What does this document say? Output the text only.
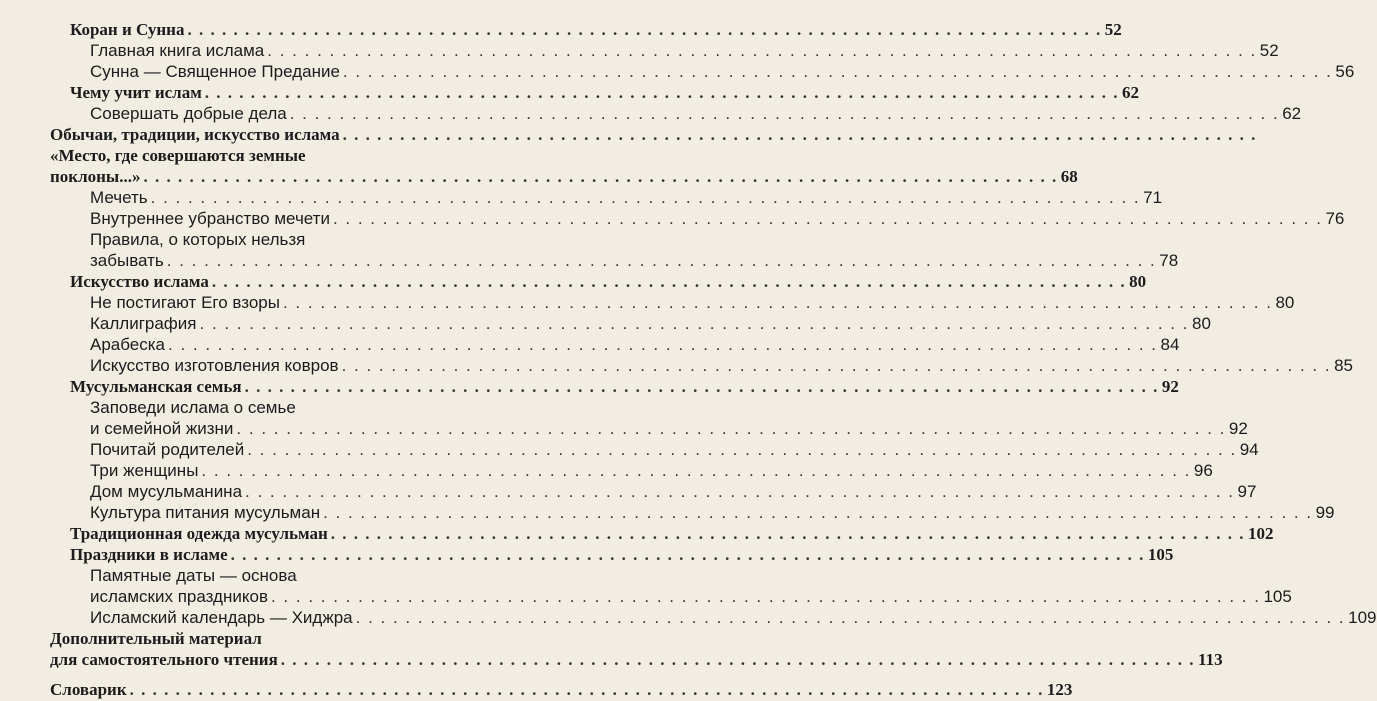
Коран и Сунна . . . . . . . . . . . . . . . . . . . . . . . . . . . . . . . . . . . . . . . . . . . . . . . . . . . . . . . . . . . . . . . . . . . . . . . . . . . . . . . . 52
Главная книга ислама . . . . . . . . . . . . . . . . . . . . . . . . . . . . . . . . . . . . . . . . . . . . . . . . . . . . . . . . . . . . . . . . . . . . . . . . . . . . . . . . 52
Сунна — Священное Предание . . . . . . . . . . . . . . . . . . . . . . . . . . . . . . . . . . . . . . . . . . . . . . . . . . . . . . . . . . . . . . . . . . . . . . . . . . . . . . . . 56
Чему учит ислам . . . . . . . . . . . . . . . . . . . . . . . . . . . . . . . . . . . . . . . . . . . . . . . . . . . . . . . . . . . . . . . . . . . . . . . . . . . . . . . . 62
Совершать добрые дела . . . . . . . . . . . . . . . . . . . . . . . . . . . . . . . . . . . . . . . . . . . . . . . . . . . . . . . . . . . . . . . . . . . . . . . . . . . . . . . . 62
Обычаи, традиции, искусство ислама . . . . . . . . . . . . . . . . . . . . . . . . . . . . . . . . . . . . . . . . . . . . . . . . . . . . . . . . . . . . . . . . . . . . . . . . . . . . . . . .
«Место, где совершаются земные
поклоны...» . . . . . . . . . . . . . . . . . . . . . . . . . . . . . . . . . . . . . . . . . . . . . . . . . . . . . . . . . . . . . . . . . . . . . . . . . . . . . . . . 68
Мечеть . . . . . . . . . . . . . . . . . . . . . . . . . . . . . . . . . . . . . . . . . . . . . . . . . . . . . . . . . . . . . . . . . . . . . . . . . . . . . . . . 71
Внутреннее убранство мечети . . . . . . . . . . . . . . . . . . . . . . . . . . . . . . . . . . . . . . . . . . . . . . . . . . . . . . . . . . . . . . . . . . . . . . . . . . . . . . . . 76
Правила, о которых нельзя
забывать . . . . . . . . . . . . . . . . . . . . . . . . . . . . . . . . . . . . . . . . . . . . . . . . . . . . . . . . . . . . . . . . . . . . . . . . . . . . . . . . 78
Искусство ислама . . . . . . . . . . . . . . . . . . . . . . . . . . . . . . . . . . . . . . . . . . . . . . . . . . . . . . . . . . . . . . . . . . . . . . . . . . . . . . . . 80
Не постигают Его взоры . . . . . . . . . . . . . . . . . . . . . . . . . . . . . . . . . . . . . . . . . . . . . . . . . . . . . . . . . . . . . . . . . . . . . . . . . . . . . . . . 80
Каллиграфия . . . . . . . . . . . . . . . . . . . . . . . . . . . . . . . . . . . . . . . . . . . . . . . . . . . . . . . . . . . . . . . . . . . . . . . . . . . . . . . . 80
Арабеска . . . . . . . . . . . . . . . . . . . . . . . . . . . . . . . . . . . . . . . . . . . . . . . . . . . . . . . . . . . . . . . . . . . . . . . . . . . . . . . . 84
Искусство изготовления ковров . . . . . . . . . . . . . . . . . . . . . . . . . . . . . . . . . . . . . . . . . . . . . . . . . . . . . . . . . . . . . . . . . . . . . . . . . . . . . . . . 85
Мусульманская семья . . . . . . . . . . . . . . . . . . . . . . . . . . . . . . . . . . . . . . . . . . . . . . . . . . . . . . . . . . . . . . . . . . . . . . . . . . . . . . . . 92
Заповеди ислама о семье
и семейной жизни . . . . . . . . . . . . . . . . . . . . . . . . . . . . . . . . . . . . . . . . . . . . . . . . . . . . . . . . . . . . . . . . . . . . . . . . . . . . . . . . 92
Почитай родителей . . . . . . . . . . . . . . . . . . . . . . . . . . . . . . . . . . . . . . . . . . . . . . . . . . . . . . . . . . . . . . . . . . . . . . . . . . . . . . . . 94
Три женщины . . . . . . . . . . . . . . . . . . . . . . . . . . . . . . . . . . . . . . . . . . . . . . . . . . . . . . . . . . . . . . . . . . . . . . . . . . . . . . . . 96
Дом мусульманина . . . . . . . . . . . . . . . . . . . . . . . . . . . . . . . . . . . . . . . . . . . . . . . . . . . . . . . . . . . . . . . . . . . . . . . . . . . . . . . . 97
Культура питания мусульман . . . . . . . . . . . . . . . . . . . . . . . . . . . . . . . . . . . . . . . . . . . . . . . . . . . . . . . . . . . . . . . . . . . . . . . . . . . . . . . . 99
Традиционная одежда мусульман . . . . . . . . . . . . . . . . . . . . . . . . . . . . . . . . . . . . . . . . . . . . . . . . . . . . . . . . . . . . . . . . . . . . . . . . . . . . . . . . 102
Праздники в исламе . . . . . . . . . . . . . . . . . . . . . . . . . . . . . . . . . . . . . . . . . . . . . . . . . . . . . . . . . . . . . . . . . . . . . . . . . . . . . . . . 105
Памятные даты — основа
исламских праздников . . . . . . . . . . . . . . . . . . . . . . . . . . . . . . . . . . . . . . . . . . . . . . . . . . . . . . . . . . . . . . . . . . . . . . . . . . . . . . . . 105
Исламский календарь — Хиджра . . . . . . . . . . . . . . . . . . . . . . . . . . . . . . . . . . . . . . . . . . . . . . . . . . . . . . . . . . . . . . . . . . . . . . . . . . . . . . . . 109
Дополнительный материал
для самостоятельного чтения . . . . . . . . . . . . . . . . . . . . . . . . . . . . . . . . . . . . . . . . . . . . . . . . . . . . . . . . . . . . . . . . . . . . . . . . . . . . . . . . 113
Словарик . . . . . . . . . . . . . . . . . . . . . . . . . . . . . . . . . . . . . . . . . . . . . . . . . . . . . . . . . . . . . . . . . . . . . . . . . . . . . . . . 123
